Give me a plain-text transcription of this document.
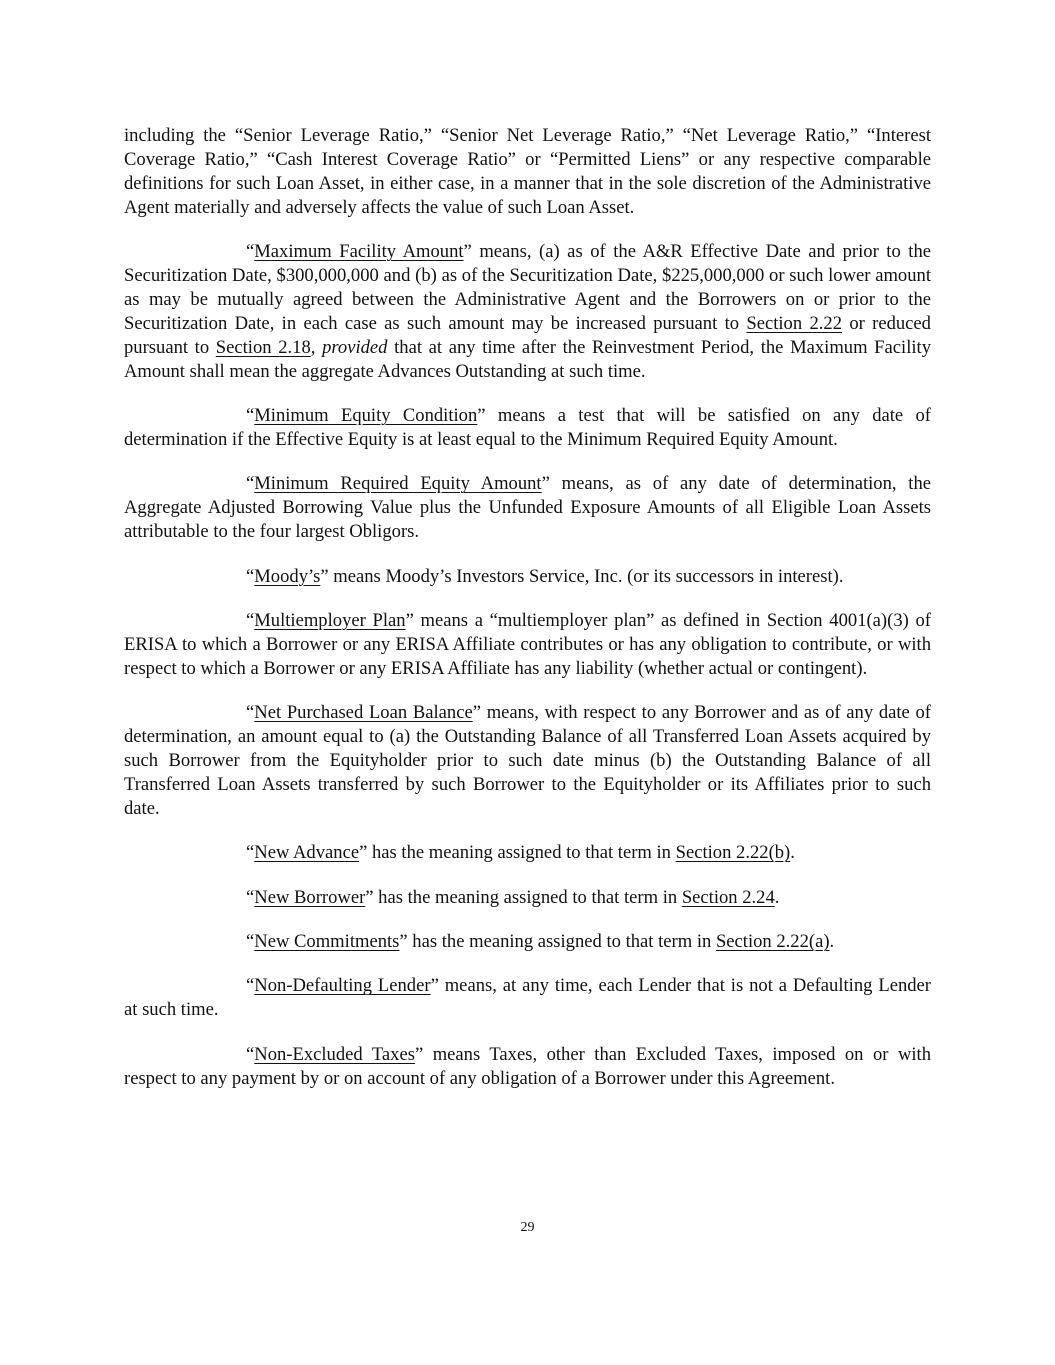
including the “Senior Leverage Ratio,” “Senior Net Leverage Ratio,” “Net Leverage Ratio,” “Interest Coverage Ratio,” “Cash Interest Coverage Ratio” or “Permitted Liens” or any respective comparable definitions for such Loan Asset, in either case, in a manner that in the sole discretion of the Administrative Agent materially and adversely affects the value of such Loan Asset.

“Maximum Facility Amount” means, (a) as of the A&R Effective Date and prior to the Securitization Date, $300,000,000 and (b) as of the Securitization Date, $225,000,000 or such lower amount as may be mutually agreed between the Administrative Agent and the Borrowers on or prior to the Securitization Date, in each case as such amount may be increased pursuant to Section 2.22 or reduced pursuant to Section 2.18, provided that at any time after the Reinvestment Period, the Maximum Facility Amount shall mean the aggregate Advances Outstanding at such time.

“Minimum Equity Condition” means a test that will be satisfied on any date of determination if the Effective Equity is at least equal to the Minimum Required Equity Amount.

“Minimum Required Equity Amount” means, as of any date of determination, the Aggregate Adjusted Borrowing Value plus the Unfunded Exposure Amounts of all Eligible Loan Assets attributable to the four largest Obligors.

“Moody’s” means Moody’s Investors Service, Inc. (or its successors in interest).

“Multiemployer Plan” means a “multiemployer plan” as defined in Section 4001(a)(3) of ERISA to which a Borrower or any ERISA Affiliate contributes or has any obligation to contribute, or with respect to which a Borrower or any ERISA Affiliate has any liability (whether actual or contingent).

“Net Purchased Loan Balance” means, with respect to any Borrower and as of any date of determination, an amount equal to (a) the Outstanding Balance of all Transferred Loan Assets acquired by such Borrower from the Equityholder prior to such date minus (b) the Outstanding Balance of all Transferred Loan Assets transferred by such Borrower to the Equityholder or its Affiliates prior to such date.

“New Advance” has the meaning assigned to that term in Section 2.22(b).

“New Borrower” has the meaning assigned to that term in Section 2.24.

“New Commitments” has the meaning assigned to that term in Section 2.22(a).

“Non-Defaulting Lender” means, at any time, each Lender that is not a Defaulting Lender at such time.

“Non-Excluded Taxes” means Taxes, other than Excluded Taxes, imposed on or with respect to any payment by or on account of any obligation of a Borrower under this Agreement.

29
